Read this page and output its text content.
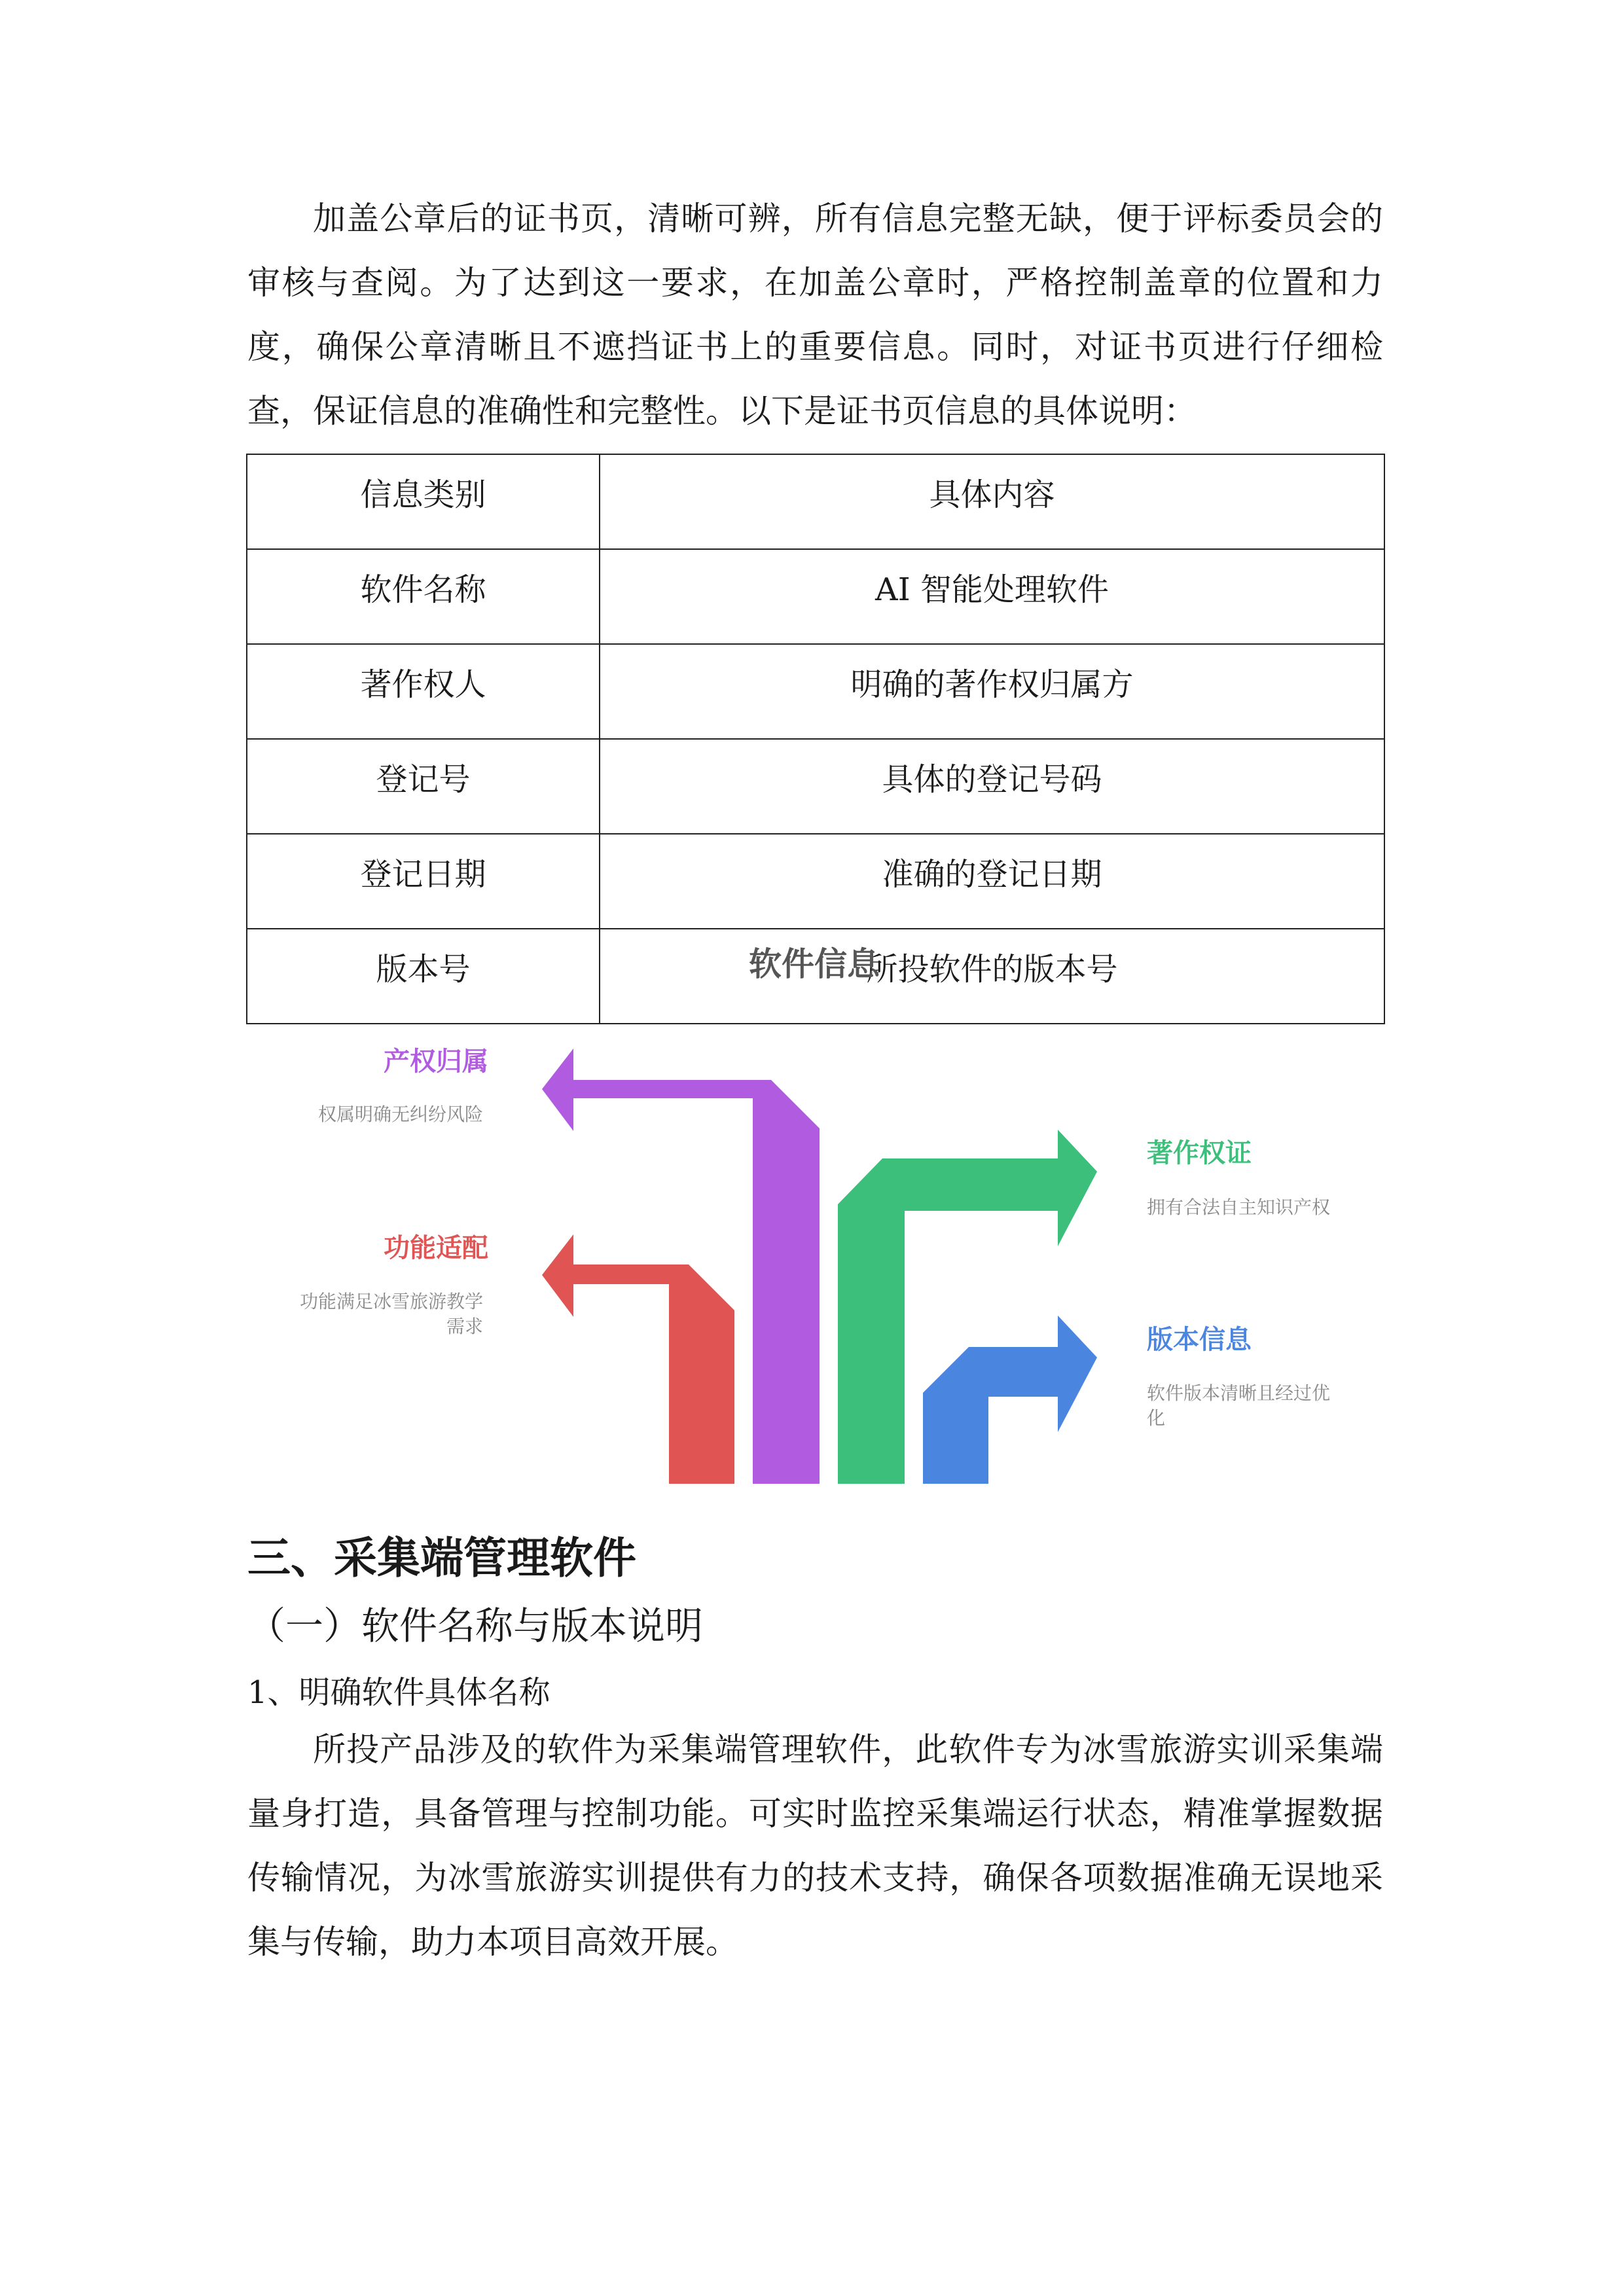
加盖公章后的证书页，清晰可辨，所有信息完整无缺，便于评标委员会的审核与查阅。为了达到这一要求，在加盖公章时，严格控制盖章的位置和力度，确保公章清晰且不遮挡证书上的重要信息。同时，对证书页进行仔细检查，保证信息的准确性和完整性。以下是证书页信息的具体说明：

信息类别	具体内容
软件名称	AI 智能处理软件
著作权人	明确的著作权归属方
登记号	具体的登记号码
登记日期	准确的登记日期
版本号	所投软件的版本号
软件信息
产权归属
权属明确无纠纷风险
功能适配
功能满足冰雪旅游教学
需求
著作权证
拥有合法自主知识产权
版本信息
软件版本清晰且经过优
化
三、采集端管理软件
（一）软件名称与版本说明
1、明确软件具体名称

所投产品涉及的软件为采集端管理软件，此软件专为冰雪旅游实训采集端量身打造，具备管理与控制功能。可实时监控采集端运行状态，精准掌握数据传输情况，为冰雪旅游实训提供有力的技术支持，确保各项数据准确无误地采集与传输，助力本项目高效开展。
